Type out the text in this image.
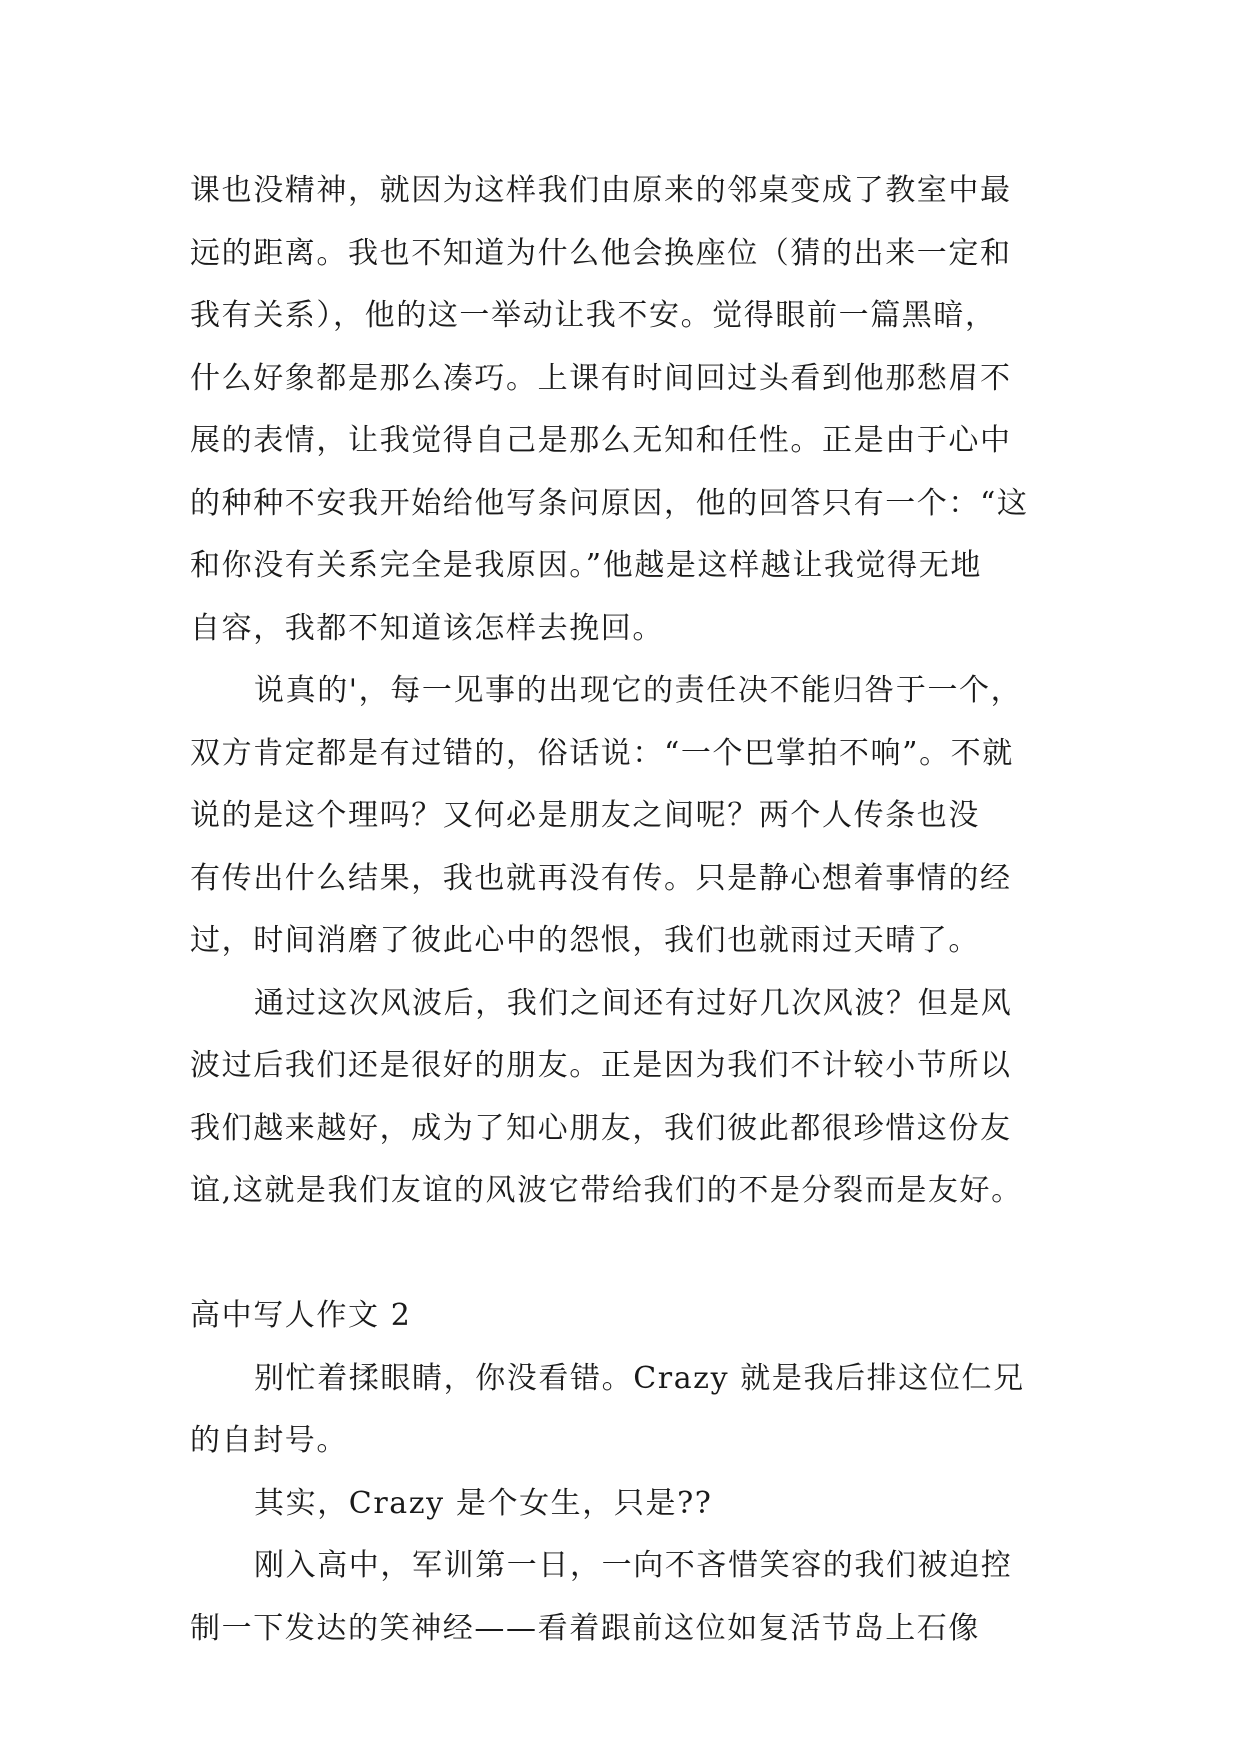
课也没精神，就因为这样我们由原来的邻桌变成了教室中最
远的距离。我也不知道为什么他会换座位（猜的出来一定和
我有关系），他的这一举动让我不安。觉得眼前一篇黑暗，
什么好象都是那么凑巧。上课有时间回过头看到他那愁眉不
展的表情，让我觉得自己是那么无知和任性。正是由于心中
的种种不安我开始给他写条问原因，他的回答只有一个：“这
和你没有关系完全是我原因。”他越是这样越让我觉得无地
自容，我都不知道该怎样去挽回。
说真的'，每一见事的出现它的责任决不能归咎于一个，
双方肯定都是有过错的，俗话说：“一个巴掌拍不响”。不就
说的是这个理吗？又何必是朋友之间呢？两个人传条也没
有传出什么结果，我也就再没有传。只是静心想着事情的经
过，时间消磨了彼此心中的怨恨，我们也就雨过天晴了。
通过这次风波后，我们之间还有过好几次风波？但是风
波过后我们还是很好的朋友。正是因为我们不计较小节所以
我们越来越好，成为了知心朋友，我们彼此都很珍惜这份友
谊,这就是我们友谊的风波它带给我们的不是分裂而是友好。
高中写人作文 2
别忙着揉眼睛，你没看错。Crazy 就是我后排这位仁兄
的自封号。
其实，Crazy 是个女生，只是??
刚入高中，军训第一日，一向不吝惜笑容的我们被迫控
制一下发达的笑神经——看着跟前这位如复活节岛上石像
